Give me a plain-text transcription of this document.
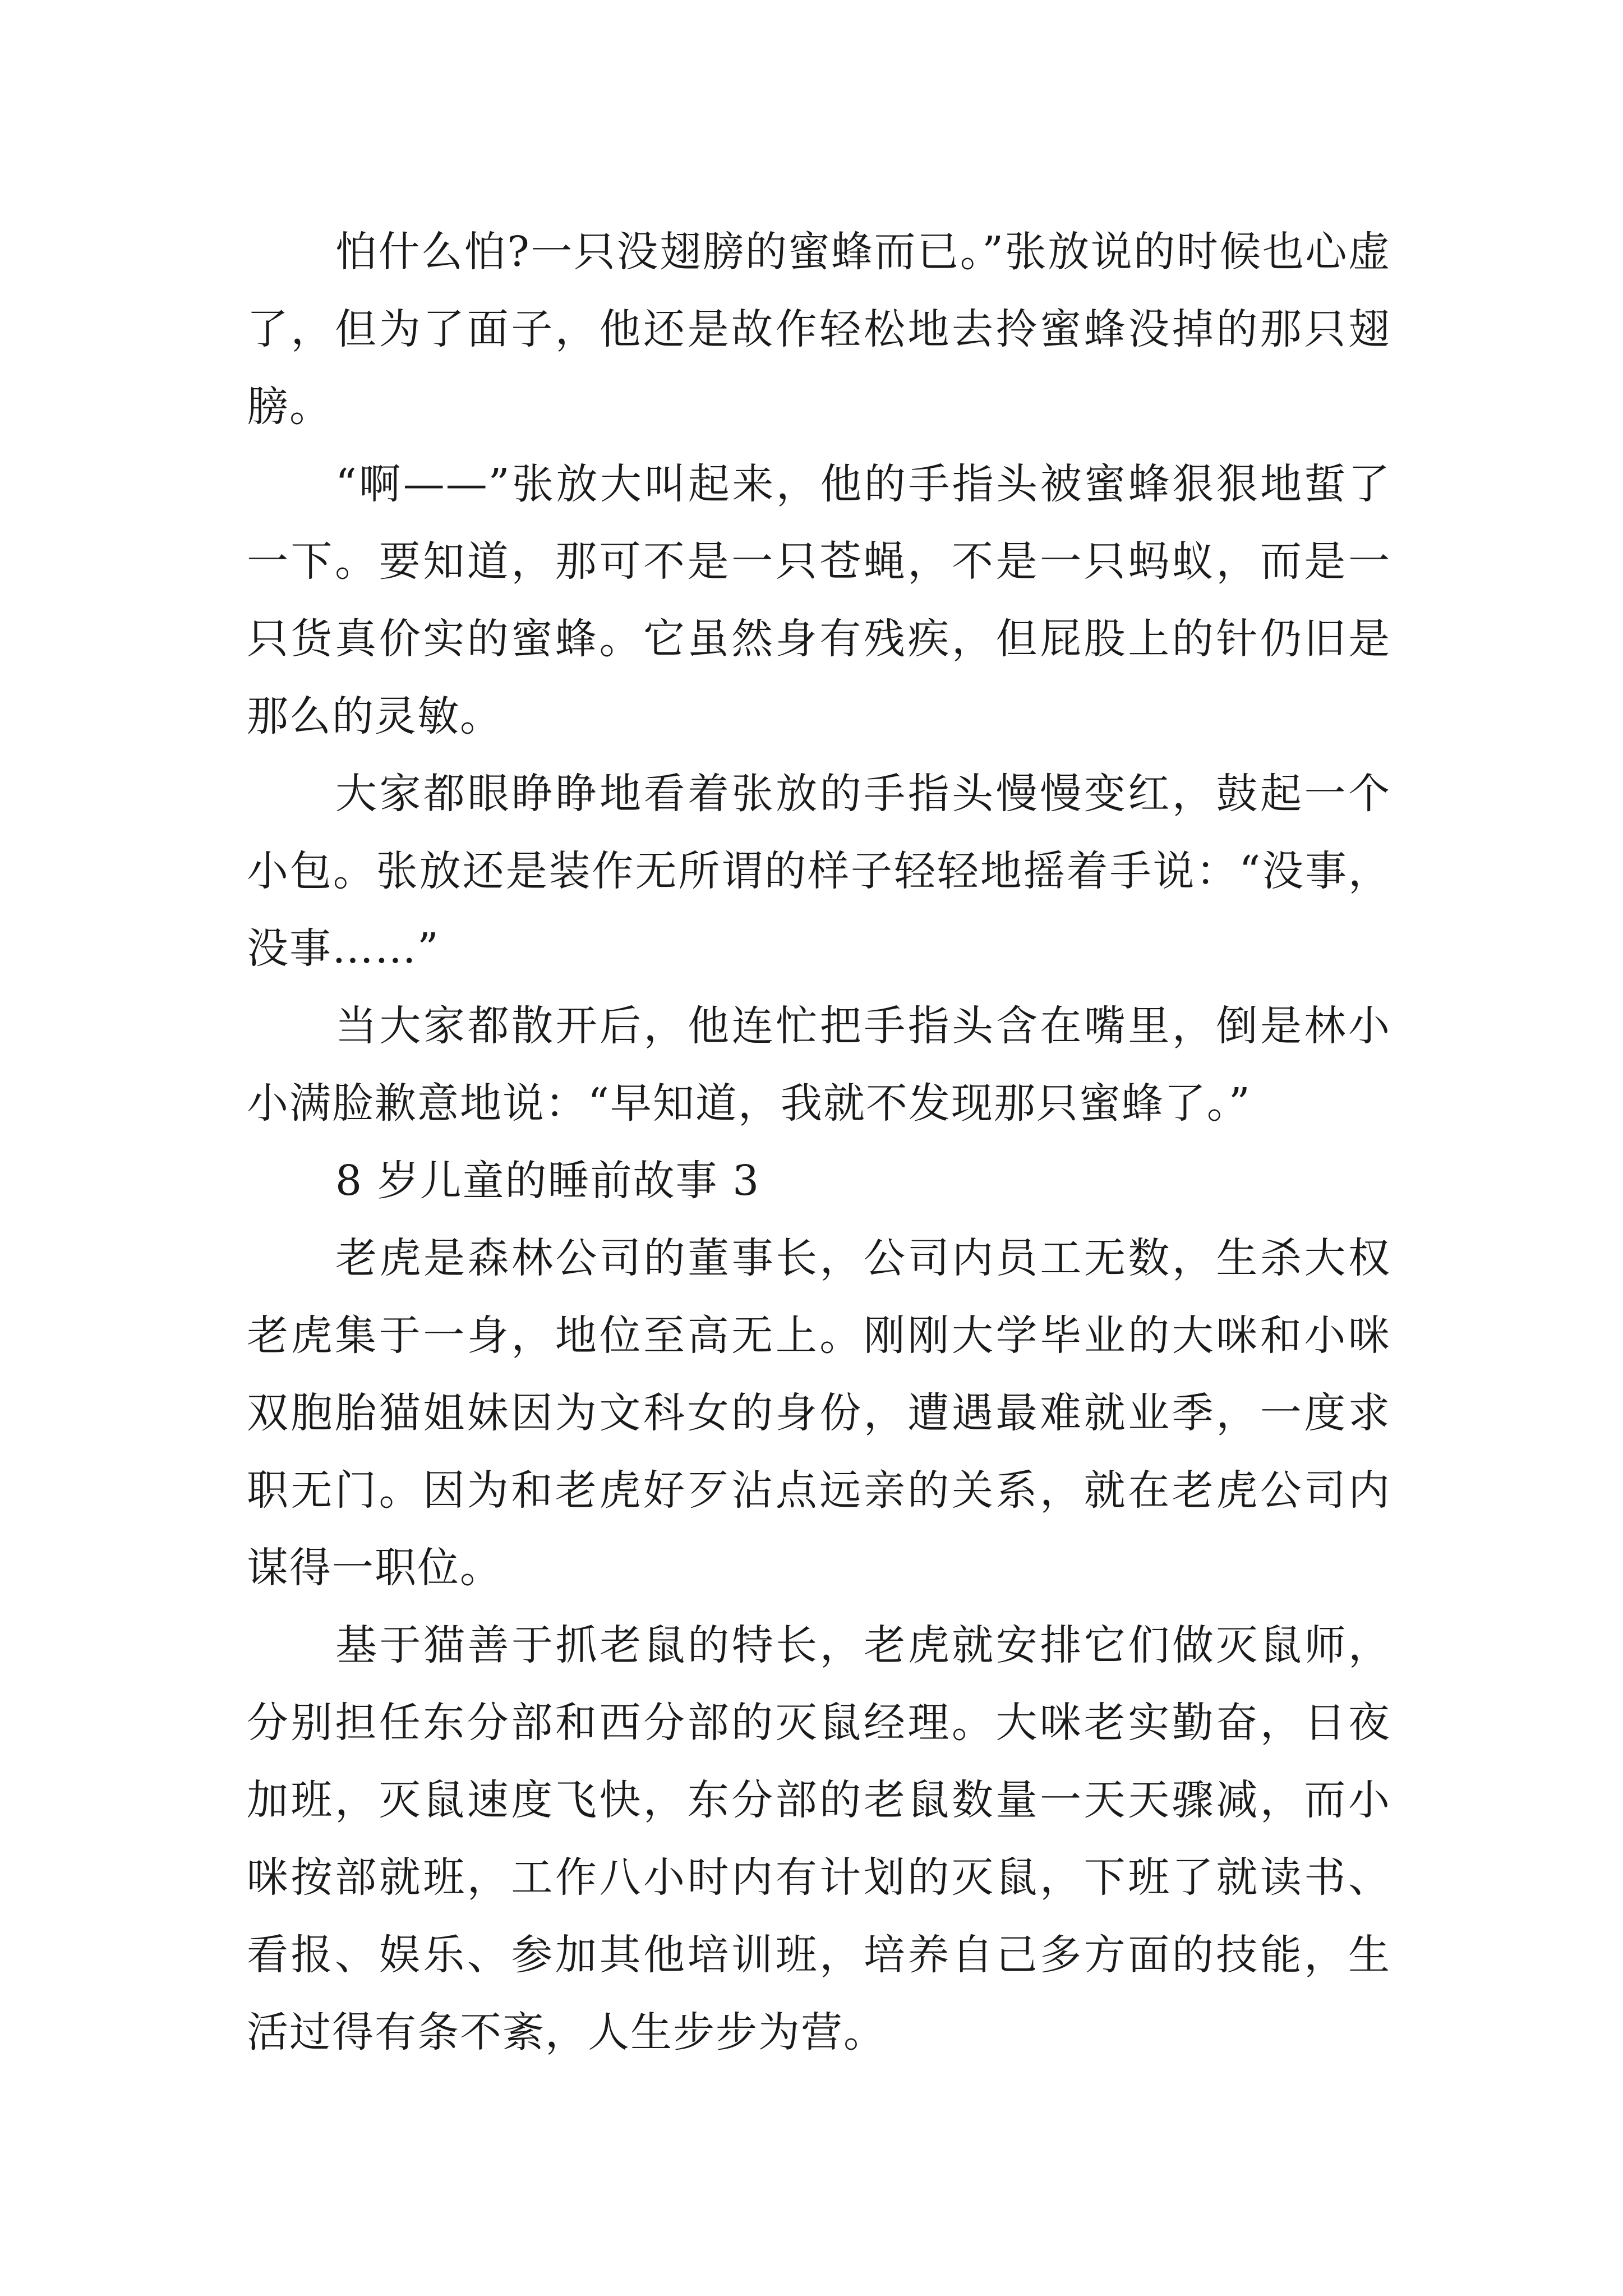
怕什么怕?一只没翅膀的蜜蜂而已。”张放说的时候也心虚了，但为了面子，他还是故作轻松地去拎蜜蜂没掉的那只翅膀。

“啊——”张放大叫起来，他的手指头被蜜蜂狠狠地蜇了一下。要知道，那可不是一只苍蝇，不是一只蚂蚁，而是一只货真价实的蜜蜂。它虽然身有残疾，但屁股上的针仍旧是那么的灵敏。

大家都眼睁睁地看着张放的手指头慢慢变红，鼓起一个小包。张放还是装作无所谓的样子轻轻地摇着手说：“没事，没事……”

当大家都散开后，他连忙把手指头含在嘴里，倒是林小小满脸歉意地说：“早知道，我就不发现那只蜜蜂了。”

8 岁儿童的睡前故事 3

老虎是森林公司的董事长，公司内员工无数，生杀大权老虎集于一身，地位至高无上。刚刚大学毕业的大咪和小咪双胞胎猫姐妹因为文科女的身份，遭遇最难就业季，一度求职无门。因为和老虎好歹沾点远亲的关系，就在老虎公司内谋得一职位。

基于猫善于抓老鼠的特长，老虎就安排它们做灭鼠师，分别担任东分部和西分部的灭鼠经理。大咪老实勤奋，日夜加班，灭鼠速度飞快，东分部的老鼠数量一天天骤减，而小咪按部就班，工作八小时内有计划的灭鼠，下班了就读书、看报、娱乐、参加其他培训班，培养自己多方面的技能，生活过得有条不紊，人生步步为营。
